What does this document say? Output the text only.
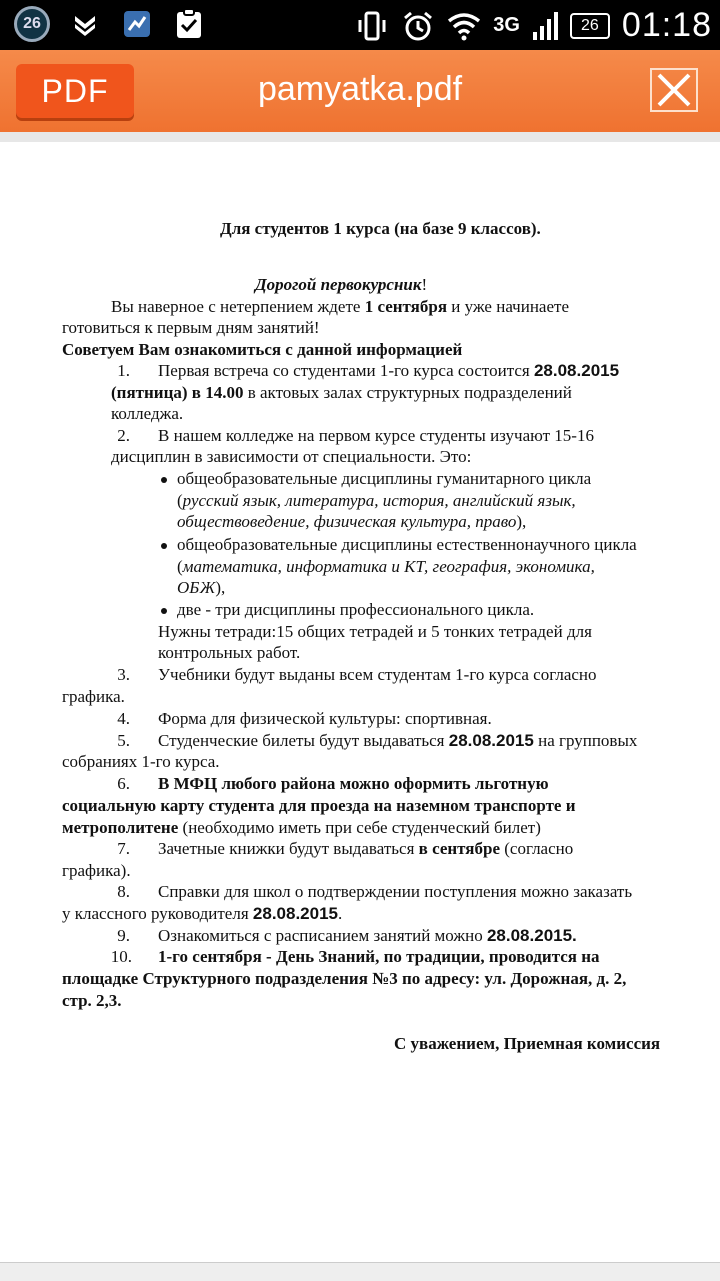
26	3G	26 01:18
PDF	pamyatka.pdf
Для студентов 1 курса (на базе 9 классов).
Дорогой первокурсник!
Вы наверное с нетерпением ждете 1 сентября и уже начинаете
готовиться к первым дням занятий!
Советуем Вам ознакомиться с данной информацией
1. Первая встреча со студентами 1-го курса состоится 28.08.2015
(пятница) в 14.00 в актовых залах структурных подразделений
колледжа.
2. В нашем колледже на первом курсе студенты изучают 15-16
дисциплин в зависимости от специальности. Это:
общеобразовательные дисциплины гуманитарного цикла
(русский язык, литература, история, английский язык,
обществоведение, физическая культура, право),
общеобразовательные дисциплины естественнонаучного цикла
(математика, информатика и КТ, география, экономика,
ОБЖ),
две - три дисциплины профессионального цикла.
Нужны тетради:15 общих тетрадей и 5 тонких тетрадей для
контрольных работ.
3. Учебники будут выданы всем студентам 1-го курса согласно
графика.
4. Форма для физической культуры: спортивная.
5. Студенческие билеты будут выдаваться 28.08.2015 на групповых
собраниях 1-го курса.
6. В МФЦ любого района можно оформить льготную
социальную карту студента для проезда на наземном транспорте и
метрополитене (необходимо иметь при себе студенческий билет)
7. Зачетные книжки будут выдаваться в сентябре (согласно
графика).
8. Справки для школ о подтверждении поступления можно заказать
у классного руководителя 28.08.2015.
9. Ознакомиться с расписанием занятий можно 28.08.2015.
10. 1-го сентября - День Знаний, по традиции, проводится на
площадке Структурного подразделения №3 по адресу: ул. Дорожная, д. 2,
стр. 2,3.
С уважением, Приемная комиссия
